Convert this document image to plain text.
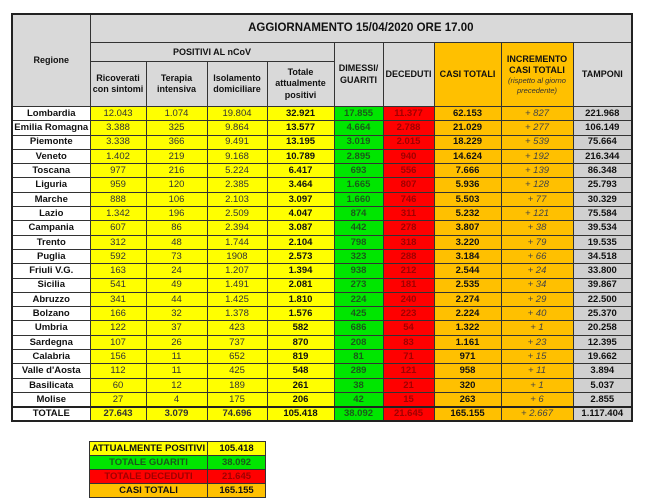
Regione	AGGIORNAMENTO 15/04/2020 ORE 17.00								
	POSITIVI AL nCoV				DIMESSI/ GUARITI	DECEDUTI	CASI TOTALI	INCREMENTO CASI TOTALI
(rispetto al giorno precedente)	TAMPONI
	Ricoverati con sintomi	Terapia intensiva	Isolamento domiciliare	Totale attualmente positivi					
Lombardia	12.043	1.074	19.804	32.921	17.855	11.377	62.153	+ 827	221.968
Emilia Romagna	3.388	325	9.864	13.577	4.664	2.788	21.029	+ 277	106.149
Piemonte	3.338	366	9.491	13.195	3.019	2.015	18.229	+ 539	75.664
Veneto	1.402	219	9.168	10.789	2.895	940	14.624	+ 192	216.344
Toscana	977	216	5.224	6.417	693	556	7.666	+ 139	86.348
Liguria	959	120	2.385	3.464	1.665	807	5.936	+ 128	25.793
Marche	888	106	2.103	3.097	1.660	746	5.503	+ 77	30.329
Lazio	1.342	196	2.509	4.047	874	311	5.232	+ 121	75.584
Campania	607	86	2.394	3.087	442	278	3.807	+ 38	39.534
Trento	312	48	1.744	2.104	798	318	3.220	+ 79	19.535
Puglia	592	73	1908	2.573	323	288	3.184	+ 66	34.518
Friuli V.G.	163	24	1.207	1.394	938	212	2.544	+ 24	33.800
Sicilia	541	49	1.491	2.081	273	181	2.535	+ 34	39.867
Abruzzo	341	44	1.425	1.810	224	240	2.274	+ 29	22.500
Bolzano	166	32	1.378	1.576	425	223	2.224	+ 40	25.370
Umbria	122	37	423	582	686	54	1.322	+ 1	20.258
Sardegna	107	26	737	870	208	83	1.161	+ 23	12.395
Calabria	156	11	652	819	81	71	971	+ 15	19.662
Valle d'Aosta	112	11	425	548	289	121	958	+ 11	3.894
Basilicata	60	12	189	261	38	21	320	+ 1	5.037
Molise	27	4	175	206	42	15	263	+ 6	2.855
TOTALE	27.643	3.079	74.696	105.418	38.092	21.645	165.155	+ 2.667	1.117.404
ATTUALMENTE POSITIVI	105.418
TOTALE GUARITI	38.092
TOTALE DECEDUTI	21.645
CASI TOTALI	165.155
